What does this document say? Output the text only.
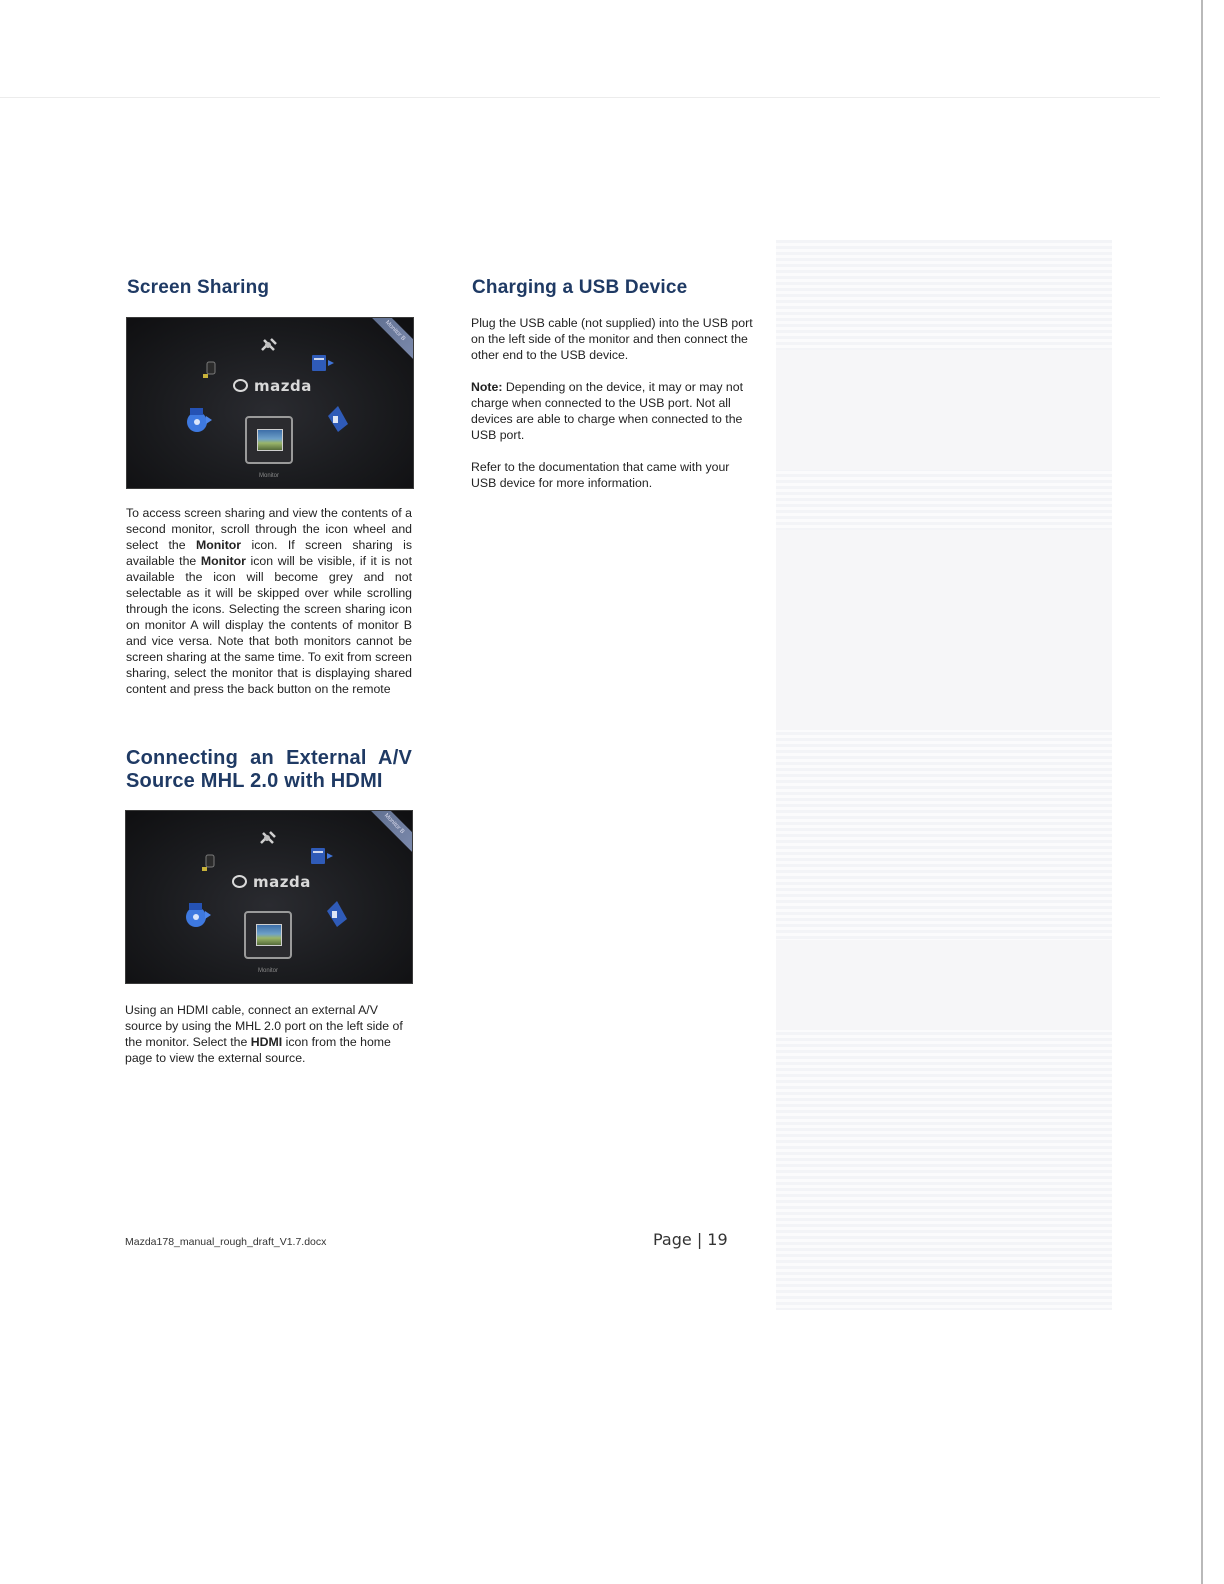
Screen Sharing
Monitor B
mazda
Monitor

To access screen sharing and view the contents of a second monitor, scroll through the icon wheel and select the Monitor icon. If screen sharing is available the Monitor icon will be visible, if it is not available the icon will become grey and not selectable as it will be skipped over while scrolling through the icons. Selecting the screen sharing icon on monitor A will display the contents of monitor B and vice versa. Note that both monitors cannot be screen sharing at the same time. To exit from screen sharing, select the monitor that is displaying shared content and press the back button on the remote

Connecting an External A/V
Source MHL 2.0 with HDMI
Monitor B
mazda
Monitor

Using an HDMI cable, connect an external A/V source by using the MHL 2.0 port on the left side of the monitor. Select the HDMI icon from the home page to view the external source.

Charging a USB Device

Plug the USB cable (not supplied) into the USB port on the left side of the monitor and then connect the other end to the USB device.

Note: Depending on the device, it may or may not charge when connected to the USB port. Not all devices are able to charge when connected to the USB port.

Refer to the documentation that came with your USB device for more information.

Mazda178_manual_rough_draft_V1.7.docx	Page | 19
